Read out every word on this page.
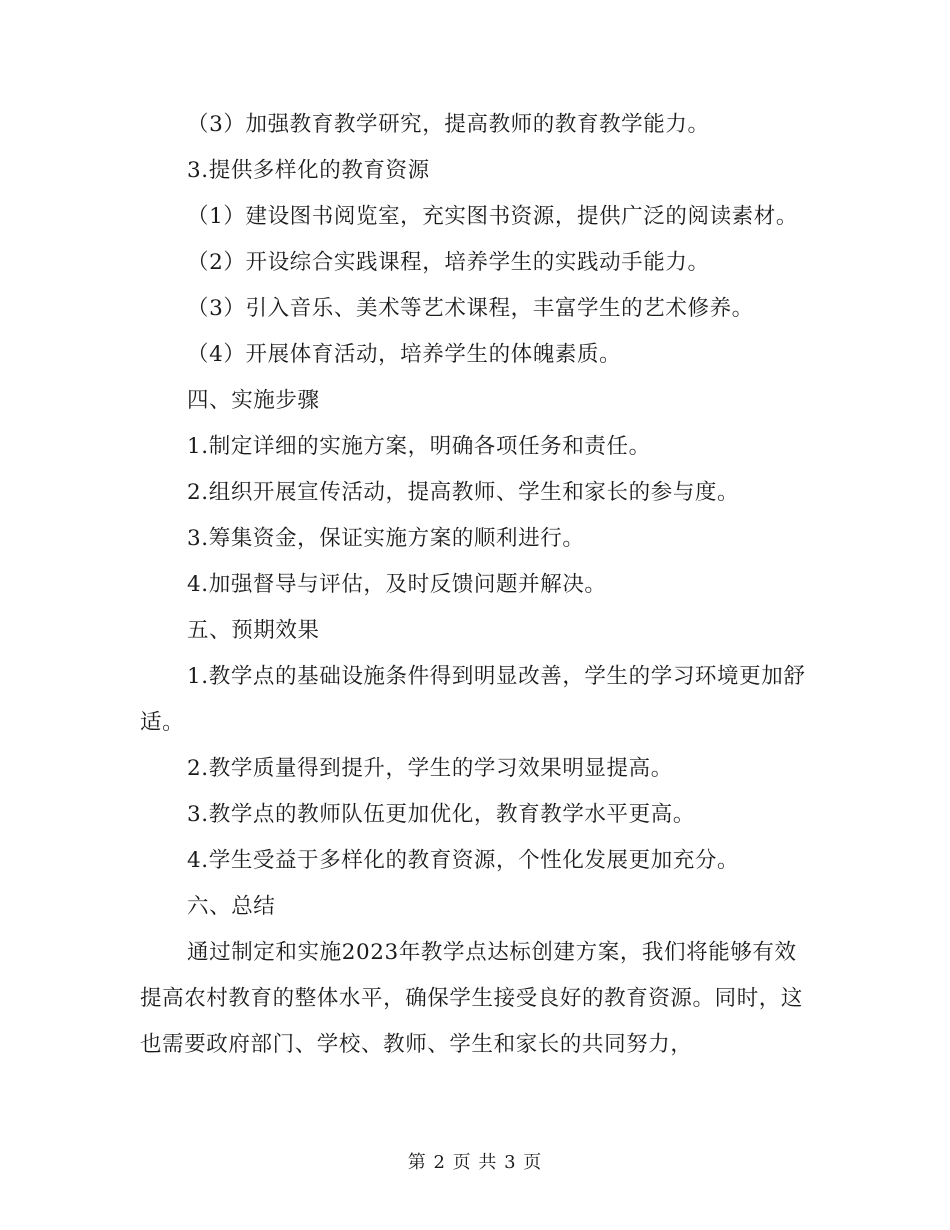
（3）加强教育教学研究，提高教师的教育教学能力。

3.提供多样化的教育资源

（1）建设图书阅览室，充实图书资源，提供广泛的阅读素材。

（2）开设综合实践课程，培养学生的实践动手能力。

（3）引入音乐、美术等艺术课程，丰富学生的艺术修养。

（4）开展体育活动，培养学生的体魄素质。

四、实施步骤

1.制定详细的实施方案，明确各项任务和责任。

2.组织开展宣传活动，提高教师、学生和家长的参与度。

3.筹集资金，保证实施方案的顺利进行。

4.加强督导与评估，及时反馈问题并解决。

五、预期效果

1.教学点的基础设施条件得到明显改善，学生的学习环境更加舒适。

2.教学质量得到提升，学生的学习效果明显提高。

3.教学点的教师队伍更加优化，教育教学水平更高。

4.学生受益于多样化的教育资源，个性化发展更加充分。

六、总结

通过制定和实施2023年教学点达标创建方案，我们将能够有效提高农村教育的整体水平，确保学生接受良好的教育资源。同时，这也需要政府部门、学校、教师、学生和家长的共同努力，

第 2 页 共 3 页
